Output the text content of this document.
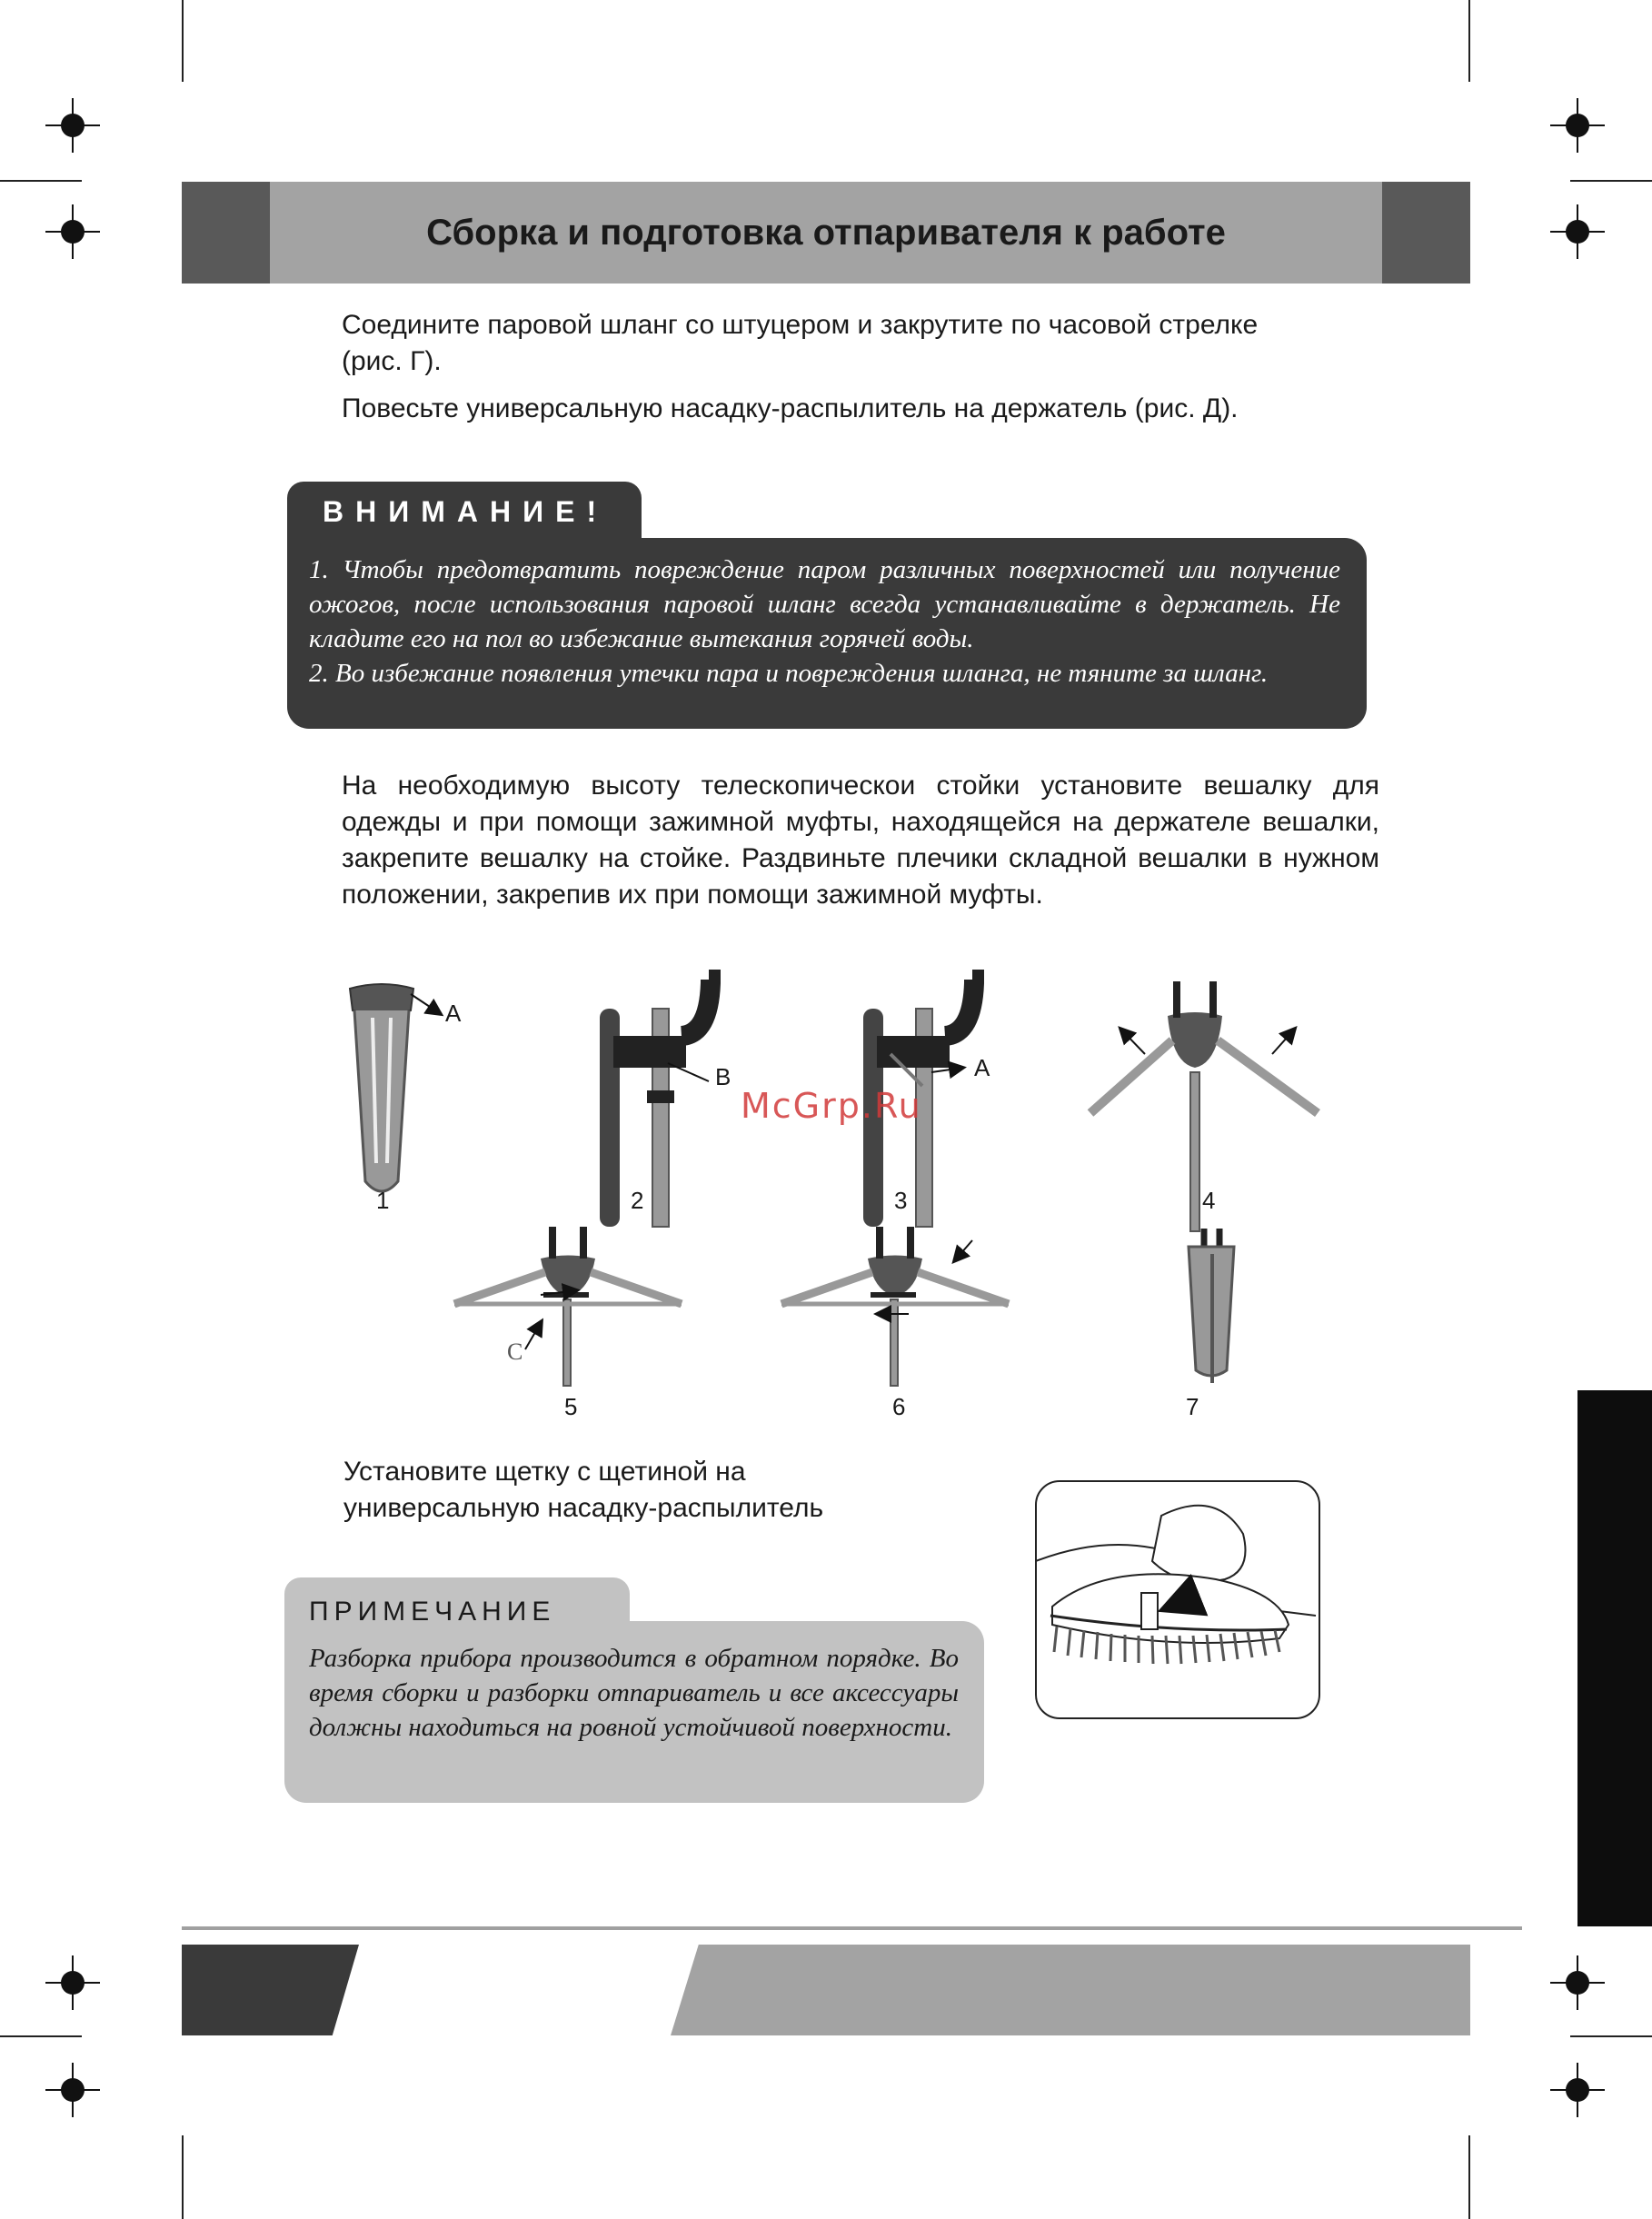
Сборка и подготовка отпаривателя к работе

Соедините паровой шланг со штуцером и закрутите по часовой стрелке (рис. Г).

Повесьте универсальную насадку-распылитель на держатель (рис. Д).

ВНИМАНИЕ!

1. Чтобы предотвратить повреждение паром различных поверхностей или получение ожогов, после использования паровой шланг всегда устанавливайте в держатель. Не кладите его на пол во избежание вытекания горячей воды.
2. Во избежание появления утечки пара и повреждения шланга, не тяните за шланг.

На необходимую высоту телескопическои стойки установите вешалку для одежды и при помощи зажимной муфты, находящейся на держателе вешалки, закрепите вешалку на стойке. Раздвиньте плечики складной вешалки в нужном положении, закрепив их при помощи зажимной муфты.

1	2	3	4
5	6	7
A
B	A
C
McGrp.Ru

Установите щетку с щетиной на
универсальную насадку-распылитель

ПРИМЕЧАНИЕ

Разборка прибора производится в обратном порядке. Во время сборки и разборки отпариватель и все аксессуары должны находиться на ровной устойчивой поверхности.
